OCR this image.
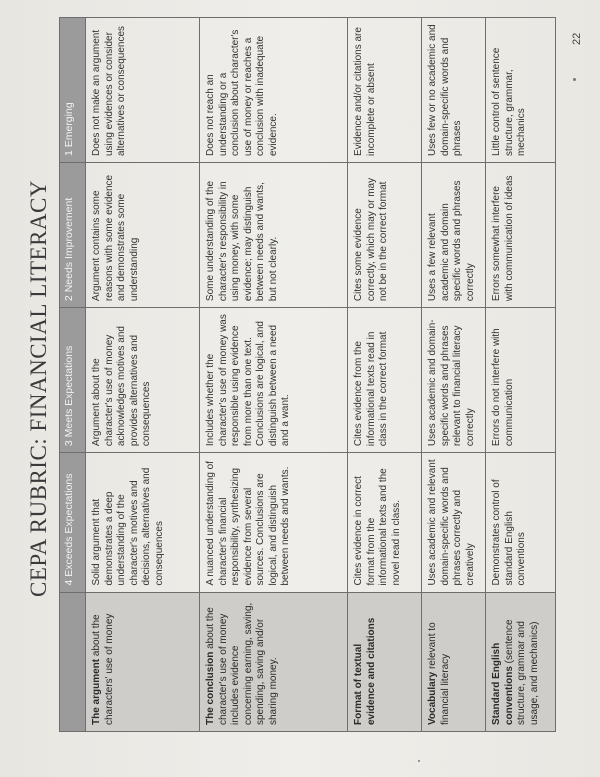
CEPA RUBRIC: FINANCIAL LITERACY
	4 Exceeds Expectations	3 Meets Expectations	2 Needs Improvement	1 Emerging
The argument about the characters' use of money	Solid argument that demonstrates a deep understanding of the character's motives and decisions, alternatives and consequences	Argument about the character's use of money acknowledges motives and provides alternatives and consequences	Argument contains some reasons with some evidence and demonstrates some understanding	Does not make an argument using evidences or consider alternatives or consequences
The conclusion about the character's use of money includes evidence concerning earning, saving, spending, saving and/or sharing money.	A nuanced understanding of character's financial responsibility, synthesizing evidence from several sources. Conclusions are logical, and distinguish between needs and wants.	Includes whether the character's use of money was responsible using evidence from more than one text. Conclusions are logical, and distinguish between a need and a want.	Some understanding of the character's responsibility in using money, with some evidence; may distinguish between needs and wants, but not clearly.	Does not reach an understanding or a conclusion about character's use of money or reaches a conclusion with inadequate evidence.
Format of textual evidence and citations	Cites evidence in correct format from the informational texts and the novel read in class.	Cites evidence from the informational texts read in class in the correct format	Cites some evidence correctly, which may or may not be in the correct format	Evidence and/or citations are incomplete or absent
Vocabulary relevant to financial literacy	Uses academic and relevant domain-specific words and phrases correctly and creatively	Uses academic and domain-specific words and phrases relevant to financial literacy correctly	Uses a few relevant academic and domain specific words and phrases correctly	Uses few or no academic and domain-specific words and phrases
Standard English conventions (sentence structure, grammar and usage, and mechanics)	Demonstrates control of standard English conventions	Errors do not interfere with communication	Errors somewhat interfere with communication of ideas	Little control of sentence structure, grammar, mechanics
22
